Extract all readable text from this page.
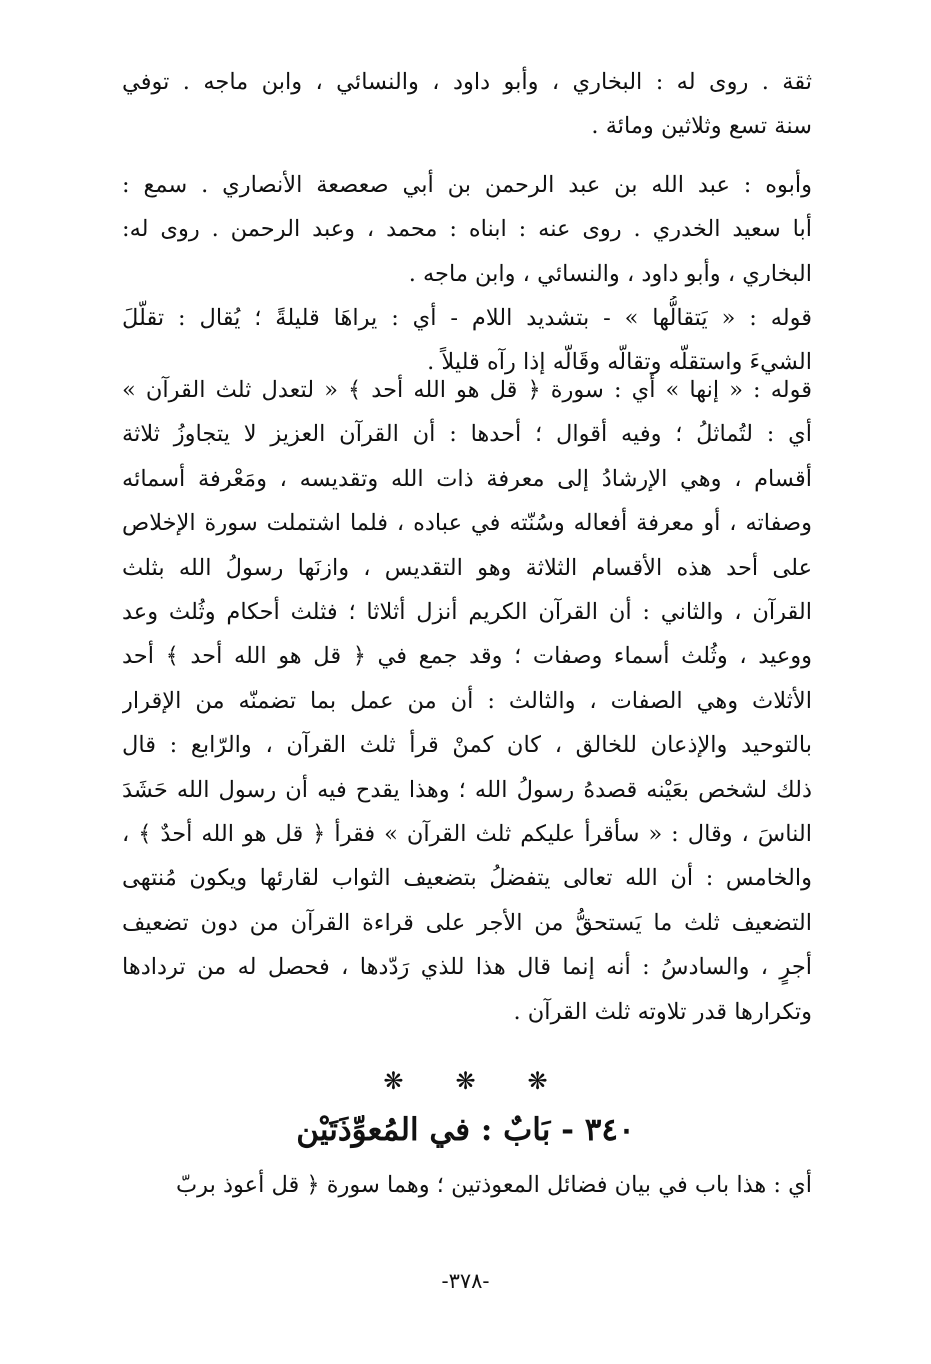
ثقة . روى له : البخاري ، وأبو داود ، والنسائي ، وابن ماجه . توفي
سنة تسع وثلاثين ومائة .
وأبوه : عبد الله بن عبد الرحمن بن أبي صعصعة الأنصاري . سمع :
أبا سعيد الخدري . روى عنه : ابناه : محمد ، وعبد الرحمن . روى له:
البخاري ، وأبو داود ، والنسائي ، وابن ماجه .
قوله : « يَتقالُّها » - بتشديد اللام - أي : يراهَا قليلةً ؛ يُقال : تقلّلَ
الشيءَ واستقلّه وتقالّه وقَالّه إذا رآه قليلاً .
قوله : « إنها » أي : سورة ﴿ قل هو الله أحد ﴾ « لتعدل ثلث القرآن »
أي : لتُماثلُ ؛ وفيه أقوال ؛ أحدها : أن القرآن العزيز لا يتجاوزُ ثلاثة
أقسام ، وهي الإرشادُ إلى معرفة ذات الله وتقديسه ، ومَعْرفة أسمائه
وصفاته ، أو معرفة أفعاله وسُنّته في عباده ، فلما اشتملت سورة الإخلاص
على أحد هذه الأقسام الثلاثة وهو التقديس ، وازنَها رسولُ الله بثلث
القرآن ، والثاني : أن القرآن الكريم أنزل أثلاثا ؛ فثلث أحكام وثُلث وعد
ووعيد ، وثُلث أسماء وصفات ؛ وقد جمع في ﴿ قل هو الله أحد ﴾ أحد
الأثلاث وهي الصفات ، والثالث : أن من عمل بما تضمنّه من الإقرار
بالتوحيد والإذعان للخالق ، كان كمنْ قرأ ثلث القرآن ، والرّابع : قال
ذلك لشخص بعَيْنه قصدهُ رسولُ الله ؛ وهذا يقدح فيه أن رسول الله حَشَدَ
الناسَ ، وقال : « سأقرأ عليكم ثلث القرآن » فقرأ ﴿ قل هو الله أحدٌ ﴾ ،
والخامس : أن الله تعالى يتفضلُ بتضعيف الثواب لقارئها ويكون مُنتهى
التضعيف ثلث ما يَستحقُّ من الأجر على قراءة القرآن من دون تضعيف
أجرٍ ، والسادسُ : أنه إنما قال هذا للذي رَدّدها ، فحصل له من تردادها
وتكرارها قدر تلاوته ثلث القرآن .
❋ ❋ ❋
٣٤٠ - بَابٌ : في المُعوِّذَتَيْن
أي : هذا باب في بيان فضائل المعوذتين ؛ وهما سورة ﴿ قل أعوذ بربّ
-٣٧٨-
